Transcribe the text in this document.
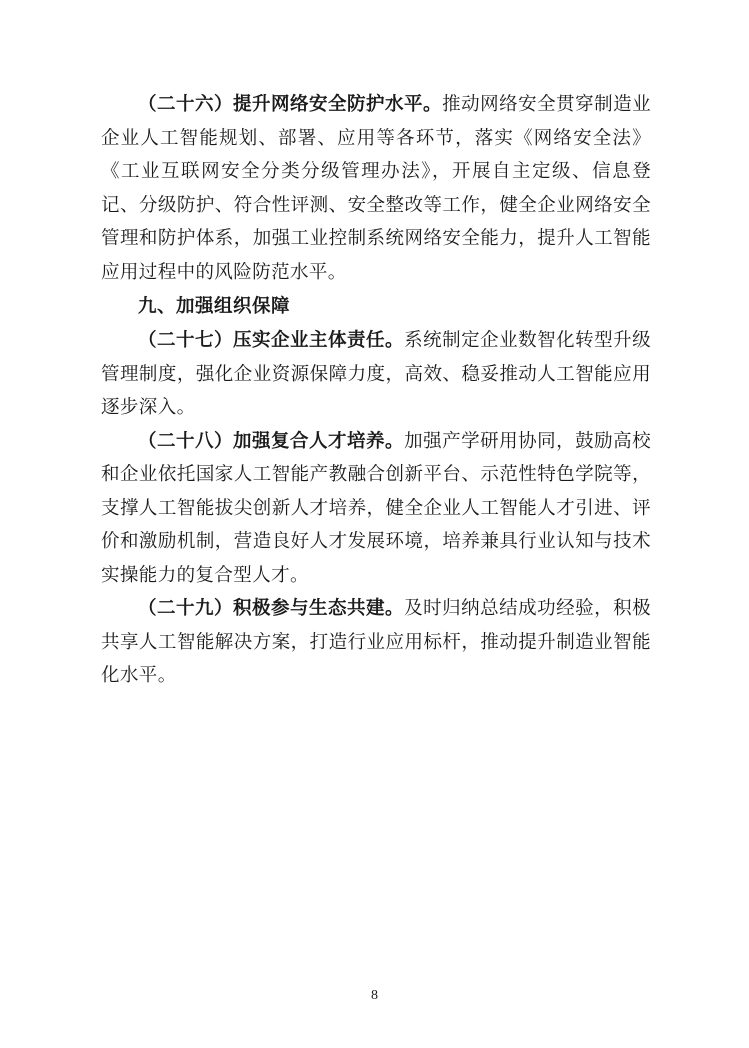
（二十六）提升网络安全防护水平。推动网络安全贯穿制造业企业人工智能规划、部署、应用等各环节，落实《网络安全法》《工业互联网安全分类分级管理办法》，开展自主定级、信息登记、分级防护、符合性评测、安全整改等工作，健全企业网络安全管理和防护体系，加强工业控制系统网络安全能力，提升人工智能应用过程中的风险防范水平。

九、加强组织保障

（二十七）压实企业主体责任。系统制定企业数智化转型升级管理制度，强化企业资源保障力度，高效、稳妥推动人工智能应用逐步深入。

（二十八）加强复合人才培养。加强产学研用协同，鼓励高校和企业依托国家人工智能产教融合创新平台、示范性特色学院等，支撑人工智能拔尖创新人才培养，健全企业人工智能人才引进、评价和激励机制，营造良好人才发展环境，培养兼具行业认知与技术实操能力的复合型人才。

（二十九）积极参与生态共建。及时归纳总结成功经验，积极共享人工智能解决方案，打造行业应用标杆，推动提升制造业智能化水平。

8
